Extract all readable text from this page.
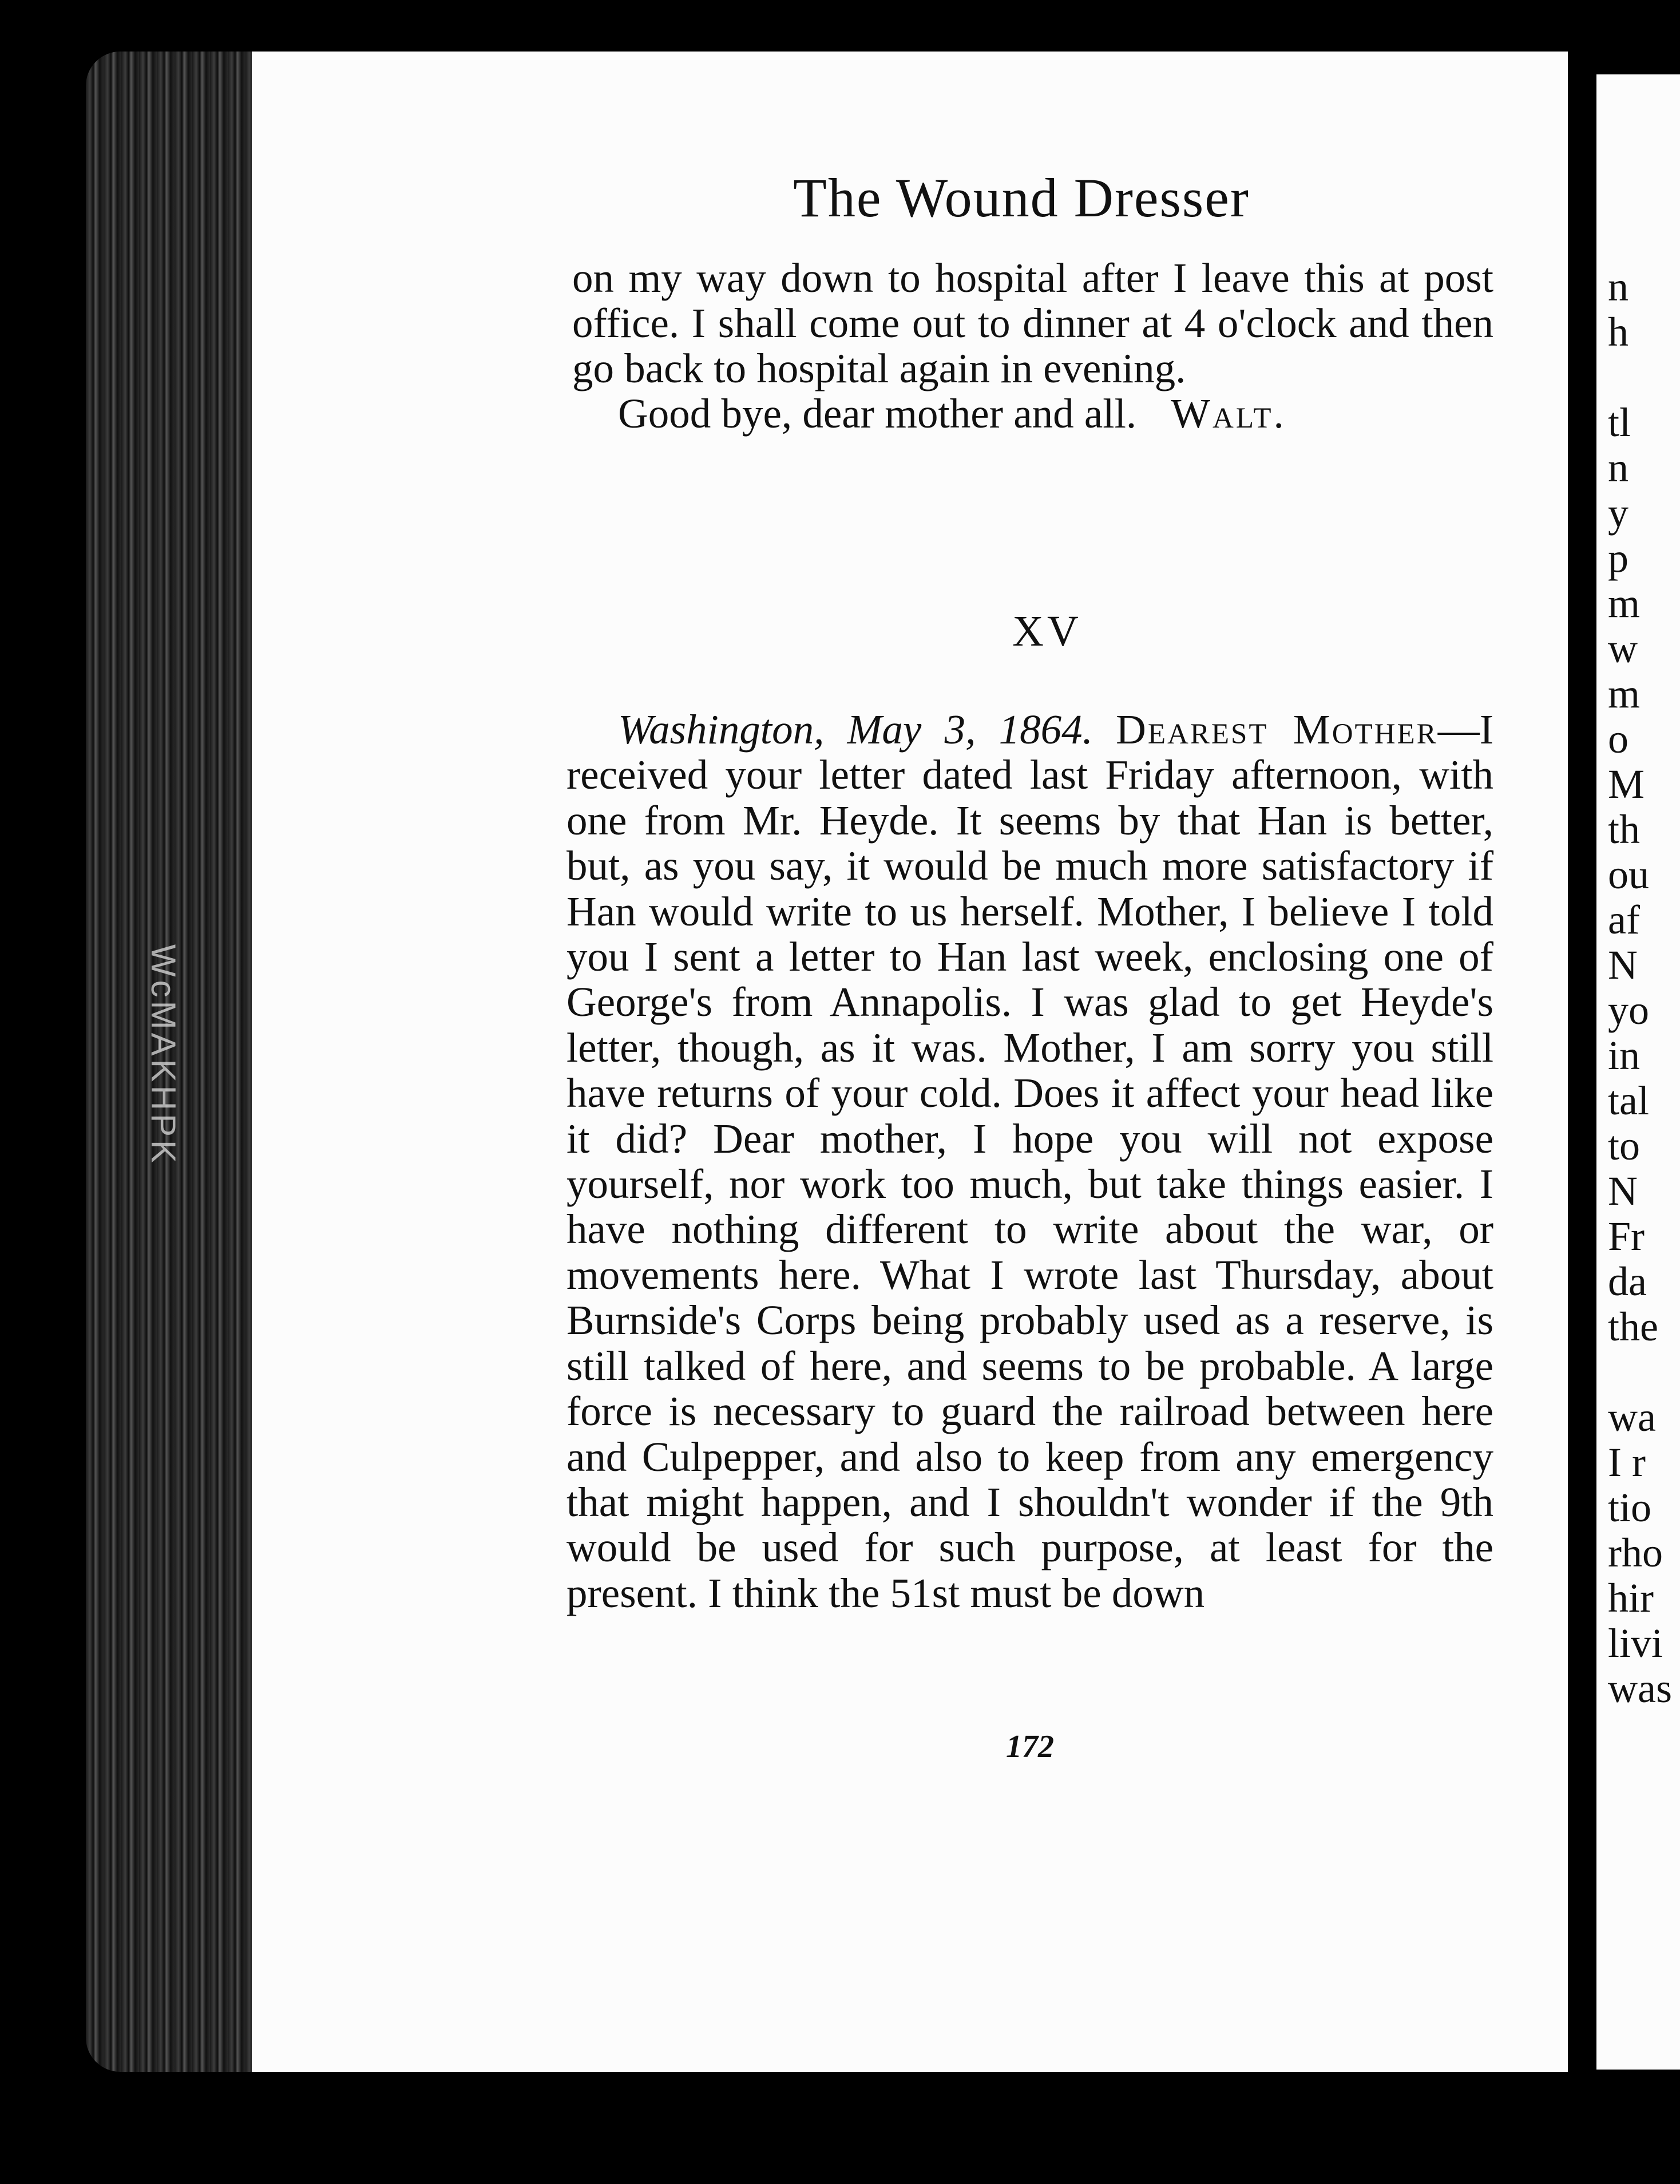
WcMAKHPK
n
h
tl
n
y
p
m
w
m
o
M
th
ou
af
N
yo
in
tal
to
N
Fr
da
the
wa
I r
tio
rho
hir
livi
was
The Wound Dresser

on my way down to hospital after I leave this at post office. I shall come out to dinner at 4 o'clock and then go back to hospital again in evening.

Good bye, dear mother and all. Walt.

XV

Washington, May 3, 1864. Dearest Mother—I received your letter dated last Friday afternoon, with one from Mr. Heyde. It seems by that Han is better, but, as you say, it would be much more satisfactory if Han would write to us herself. Mother, I believe I told you I sent a letter to Han last week, enclosing one of George's from Annapolis. I was glad to get Heyde's letter, though, as it was. Mother, I am sorry you still have returns of your cold. Does it affect your head like it did? Dear mother, I hope you will not expose yourself, nor work too much, but take things easier. I have nothing different to write about the war, or movements here. What I wrote last Thursday, about Burnside's Corps being probably used as a reserve, is still talked of here, and seems to be probable. A large force is necessary to guard the railroad between here and Culpepper, and also to keep from any emergency that might happen, and I shouldn't wonder if the 9th would be used for such purpose, at least for the present. I think the 51st must be down

172
